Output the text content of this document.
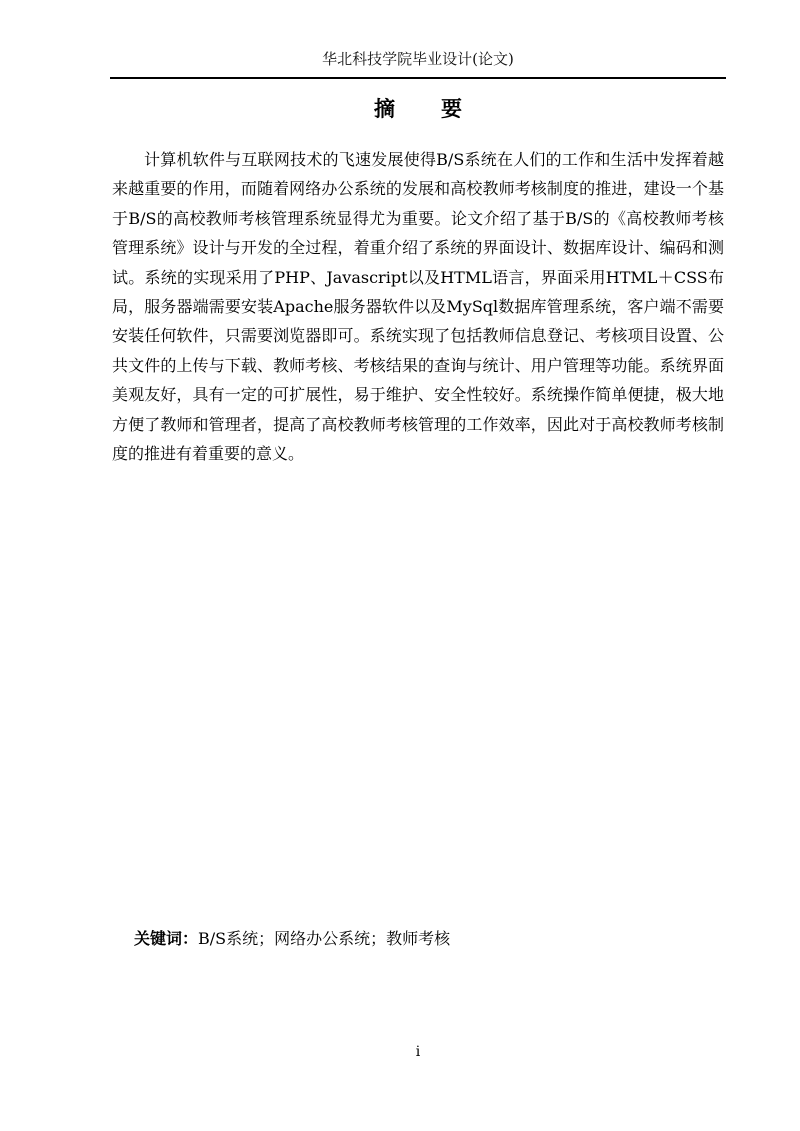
华北科技学院毕业设计(论文)
摘要

计算机软件与互联网技术的飞速发展使得B/S系统在人们的工作和生活中发挥着越来越重要的作用，而随着网络办公系统的发展和高校教师考核制度的推进，建设一个基于B/S的高校教师考核管理系统显得尤为重要。论文介绍了基于B/S的《高校教师考核管理系统》设计与开发的全过程，着重介绍了系统的界面设计、数据库设计、编码和测试。系统的实现采用了PHP、Javascript以及HTML语言，界面采用HTML＋CSS布局，服务器端需要安装Apache服务器软件以及MySql数据库管理系统，客户端不需要安装任何软件，只需要浏览器即可。系统实现了包括教师信息登记、考核项目设置、公共文件的上传与下载、教师考核、考核结果的查询与统计、用户管理等功能。系统界面美观友好，具有一定的可扩展性，易于维护、安全性较好。系统操作简单便捷，极大地方便了教师和管理者，提高了高校教师考核管理的工作效率，因此对于高校教师考核制度的推进有着重要的意义。

关键词：B/S系统；网络办公系统；教师考核
i
